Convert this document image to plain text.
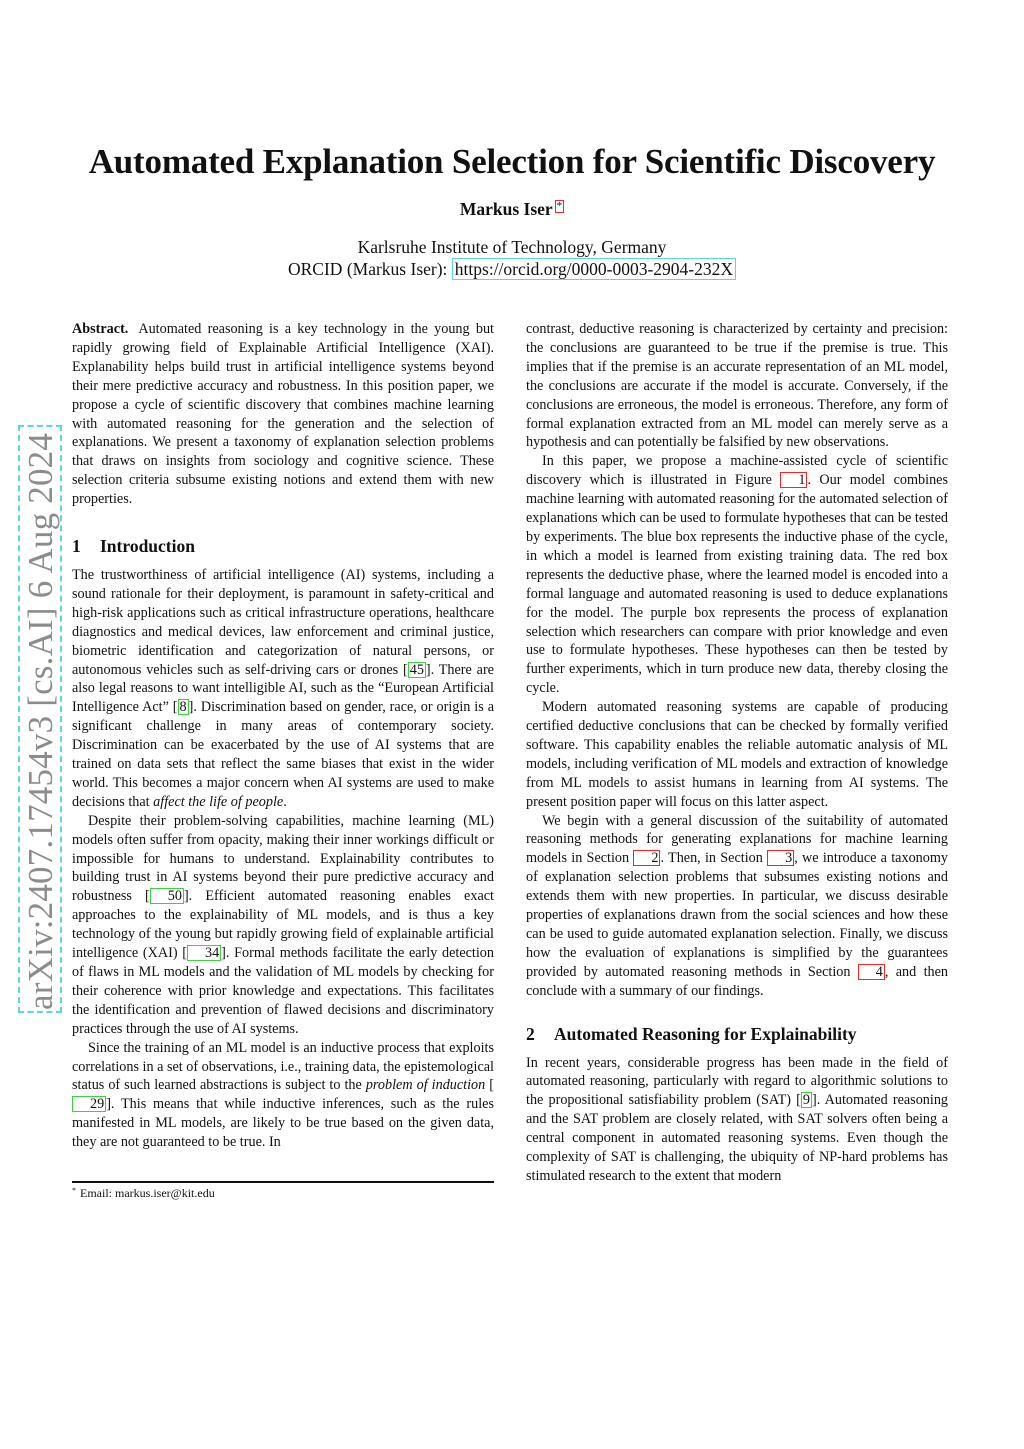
arXiv:2407.17454v3 [cs.AI] 6 Aug 2024
Automated Explanation Selection for Scientific Discovery
Markus Iser *
Karlsruhe Institute of Technology, Germany
ORCID (Markus Iser): https://orcid.org/0000-0003-2904-232X

Abstract. Automated reasoning is a key technology in the young but rapidly growing field of Explainable Artificial Intelligence (XAI). Explanability helps build trust in artificial intelligence systems beyond their mere predictive accuracy and robustness. In this position paper, we propose a cycle of scientific discovery that combines machine learning with automated reasoning for the generation and the selection of explanations. We present a taxonomy of explanation selection problems that draws on insights from sociology and cognitive science. These selection criteria subsume existing notions and extend them with new properties.

1 Introduction

The trustworthiness of artificial intelligence (AI) systems, including a sound rationale for their deployment, is paramount in safety-critical and high-risk applications such as critical infrastructure operations, healthcare diagnostics and medical devices, law enforcement and criminal justice, biometric identification and categorization of natural persons, or autonomous vehicles such as self-driving cars or drones [ 45 ]. There are also legal reasons to want intelligible AI, such as the “European Artificial Intelligence Act” [ 8 ]. Discrimination based on gender, race, or origin is a significant challenge in many areas of contemporary society. Discrimination can be exacerbated by the use of AI systems that are trained on data sets that reflect the same biases that exist in the wider world. This becomes a major concern when AI systems are used to make decisions that affect the life of people.

Despite their problem-solving capabilities, machine learning (ML) models often suffer from opacity, making their inner workings difficult or impossible for humans to understand. Explainability contributes to building trust in AI systems beyond their pure predictive accuracy and robustness [ 50 ]. Efficient automated reasoning enables exact approaches to the explainability of ML models, and is thus a key technology of the young but rapidly growing field of explainable artificial intelligence (XAI) [ 34 ]. Formal methods facilitate the early detection of flaws in ML models and the validation of ML models by checking for their coherence with prior knowledge and expectations. This facilitates the identification and prevention of flawed decisions and discriminatory practices through the use of AI systems.

Since the training of an ML model is an inductive process that exploits correlations in a set of observations, i.e., training data, the epistemological status of such learned abstractions is subject to the problem of induction [29 ]. This means that while inductive inferences, such as the rules manifested in ML models, are likely to be true based on the given data, they are not guaranteed to be true. In

* Email: markus.iser@kit.edu

contrast, deductive reasoning is characterized by certainty and precision: the conclusions are guaranteed to be true if the premise is true. This implies that if the premise is an accurate representation of an ML model, the conclusions are accurate if the model is accurate. Conversely, if the conclusions are erroneous, the model is erroneous. Therefore, any form of formal explanation extracted from an ML model can merely serve as a hypothesis and can potentially be falsified by new observations.

In this paper, we propose a machine-assisted cycle of scientific discovery which is illustrated in Figure 1 . Our model combines machine learning with automated reasoning for the automated selection of explanations which can be used to formulate hypotheses that can be tested by experiments. The blue box represents the inductive phase of the cycle, in which a model is learned from existing training data. The red box represents the deductive phase, where the learned model is encoded into a formal language and automated reasoning is used to deduce explanations for the model. The purple box represents the process of explanation selection which researchers can compare with prior knowledge and even use to formulate hypotheses. These hypotheses can then be tested by further experiments, which in turn produce new data, thereby closing the cycle.

Modern automated reasoning systems are capable of producing certified deductive conclusions that can be checked by formally verified software. This capability enables the reliable automatic analysis of ML models, including verification of ML models and extraction of knowledge from ML models to assist humans in learning from AI systems. The present position paper will focus on this latter aspect.

We begin with a general discussion of the suitability of automated reasoning methods for generating explanations for machine learning models in Section 2 . Then, in Section 3 , we introduce a taxonomy of explanation selection problems that subsumes existing notions and extends them with new properties. In particular, we discuss desirable properties of explanations drawn from the social sciences and how these can be used to guide automated explanation selection. Finally, we discuss how the evaluation of explanations is simplified by the guarantees provided by automated reasoning methods in Section 4 , and then conclude with a summary of our findings.

2 Automated Reasoning for Explainability

In recent years, considerable progress has been made in the field of automated reasoning, particularly with regard to algorithmic solutions to the propositional satisfiability problem (SAT) [ 9 ]. Automated reasoning and the SAT problem are closely related, with SAT solvers often being a central component in automated reasoning systems. Even though the complexity of SAT is challenging, the ubiquity of NP-hard problems has stimulated research to the extent that modern
